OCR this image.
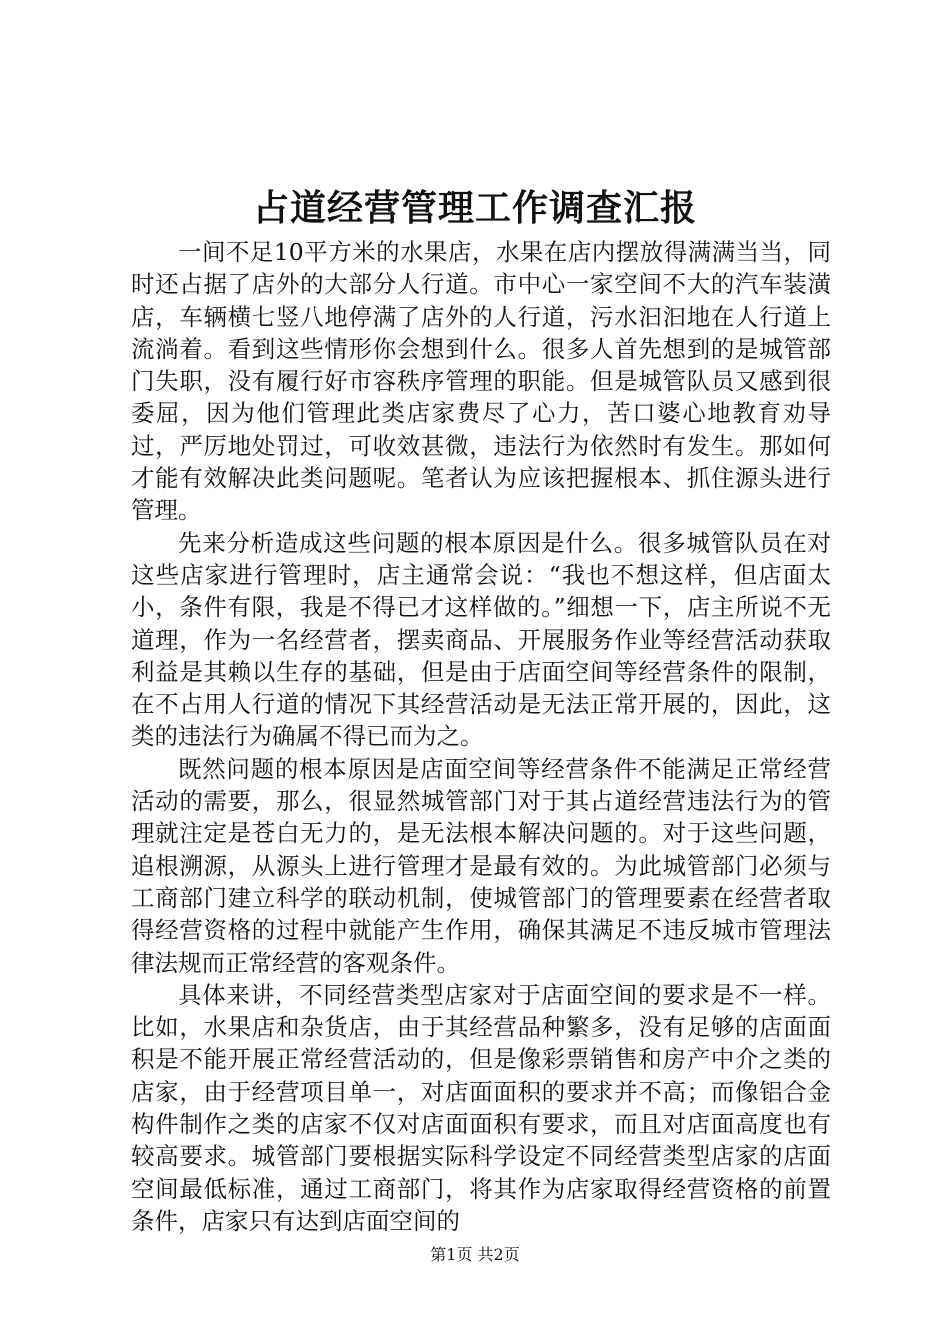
占道经营管理工作调查汇报

一间不足10平方米的水果店，水果在店内摆放得满满当当，同时还占据了店外的大部分人行道。市中心一家空间不大的汽车装潢店，车辆横七竖八地停满了店外的人行道，污水汩汩地在人行道上流淌着。看到这些情形你会想到什么。很多人首先想到的是城管部门失职，没有履行好市容秩序管理的职能。但是城管队员又感到很委屈，因为他们管理此类店家费尽了心力，苦口婆心地教育劝导过，严厉地处罚过，可收效甚微，违法行为依然时有发生。那如何才能有效解决此类问题呢。笔者认为应该把握根本、抓住源头进行管理。

先来分析造成这些问题的根本原因是什么。很多城管队员在对这些店家进行管理时，店主通常会说：“我也不想这样，但店面太小，条件有限，我是不得已才这样做的。”细想一下，店主所说不无道理，作为一名经营者，摆卖商品、开展服务作业等经营活动获取利益是其赖以生存的基础，但是由于店面空间等经营条件的限制，在不占用人行道的情况下其经营活动是无法正常开展的，因此，这类的违法行为确属不得已而为之。

既然问题的根本原因是店面空间等经营条件不能满足正常经营活动的需要，那么，很显然城管部门对于其占道经营违法行为的管理就注定是苍白无力的，是无法根本解决问题的。对于这些问题，追根溯源，从源头上进行管理才是最有效的。为此城管部门必须与工商部门建立科学的联动机制，使城管部门的管理要素在经营者取得经营资格的过程中就能产生作用，确保其满足不违反城市管理法律法规而正常经营的客观条件。

具体来讲，不同经营类型店家对于店面空间的要求是不一样。比如，水果店和杂货店，由于其经营品种繁多，没有足够的店面面积是不能开展正常经营活动的，但是像彩票销售和房产中介之类的店家，由于经营项目单一，对店面面积的要求并不高；而像铝合金构件制作之类的店家不仅对店面面积有要求，而且对店面高度也有较高要求。城管部门要根据实际科学设定不同经营类型店家的店面空间最低标准，通过工商部门，将其作为店家取得经营资格的前置条件，店家只有达到店面空间的

第1页 共2页
